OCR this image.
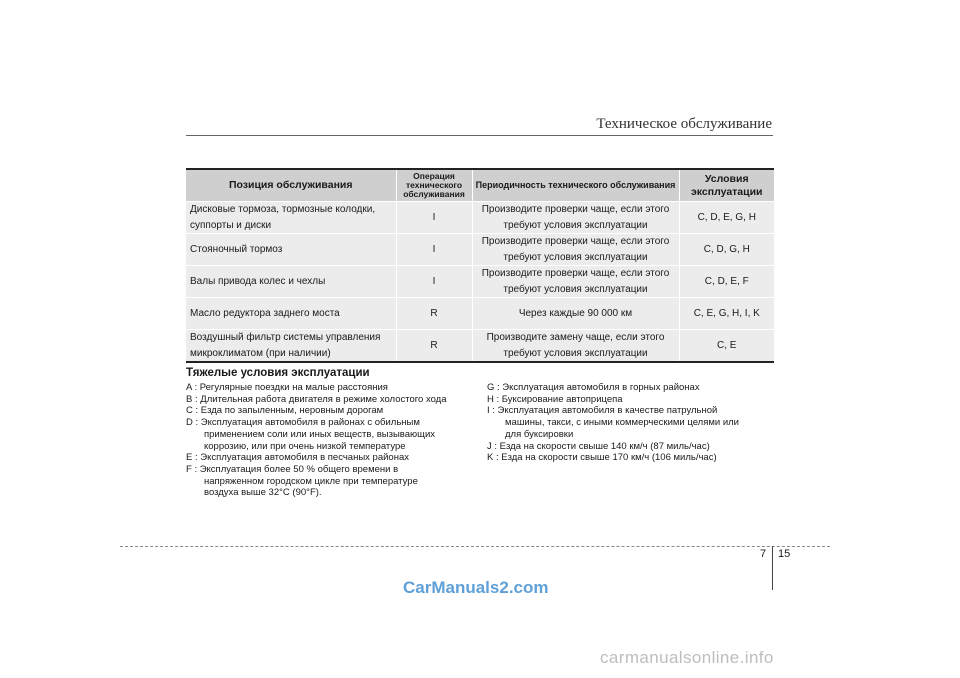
Техническое обслуживание
Позиция обслуживания	Операция технического обслуживания	Периодичность технического обслуживания	Условия эксплуатации
Дисковые тормоза, тормозные колодки, суппорты и диски	I	Производите проверки чаще, если этого требуют условия эксплуатации	C, D, E, G, H
Стояночный тормоз	I	Производите проверки чаще, если этого требуют условия эксплуатации	C, D, G, H
Валы привода колес и чехлы	I	Производите проверки чаще, если этого требуют условия эксплуатации	C, D, E, F
Масло редуктора заднего моста	R	Через каждые 90 000 км	C, E, G, H, I, K
Воздушный фильтр системы управления микроклиматом (при наличии)	R	Производите замену чаще, если этого требуют условия эксплуатации	C, E
Тяжелые условия эксплуатации
A : Регулярные поездки на малые расстояния
B : Длительная работа двигателя в режиме холостого хода
C : Езда по запыленным, неровным дорогам
D : Эксплуатация автомобиля в районах с обильным
применением соли или иных веществ, вызывающих
коррозию, или при очень низкой температуре
E : Эксплуатация автомобиля в песчаных районах
F : Эксплуатация более 50 % общего времени в
напряженном городском цикле при температуре
воздуха выше 32°C (90°F).
G : Эксплуатация автомобиля в горных районах
H : Буксирование автоприцепа
I : Эксплуатация автомобиля в качестве патрульной
машины, такси, с иными коммерческими целями или
для буксировки
J : Езда на скорости свыше 140 км/ч (87 миль/час)
K : Езда на скорости свыше 170 км/ч (106 миль/час)
7 15
CarManuals2.com
carmanualsonline.info
